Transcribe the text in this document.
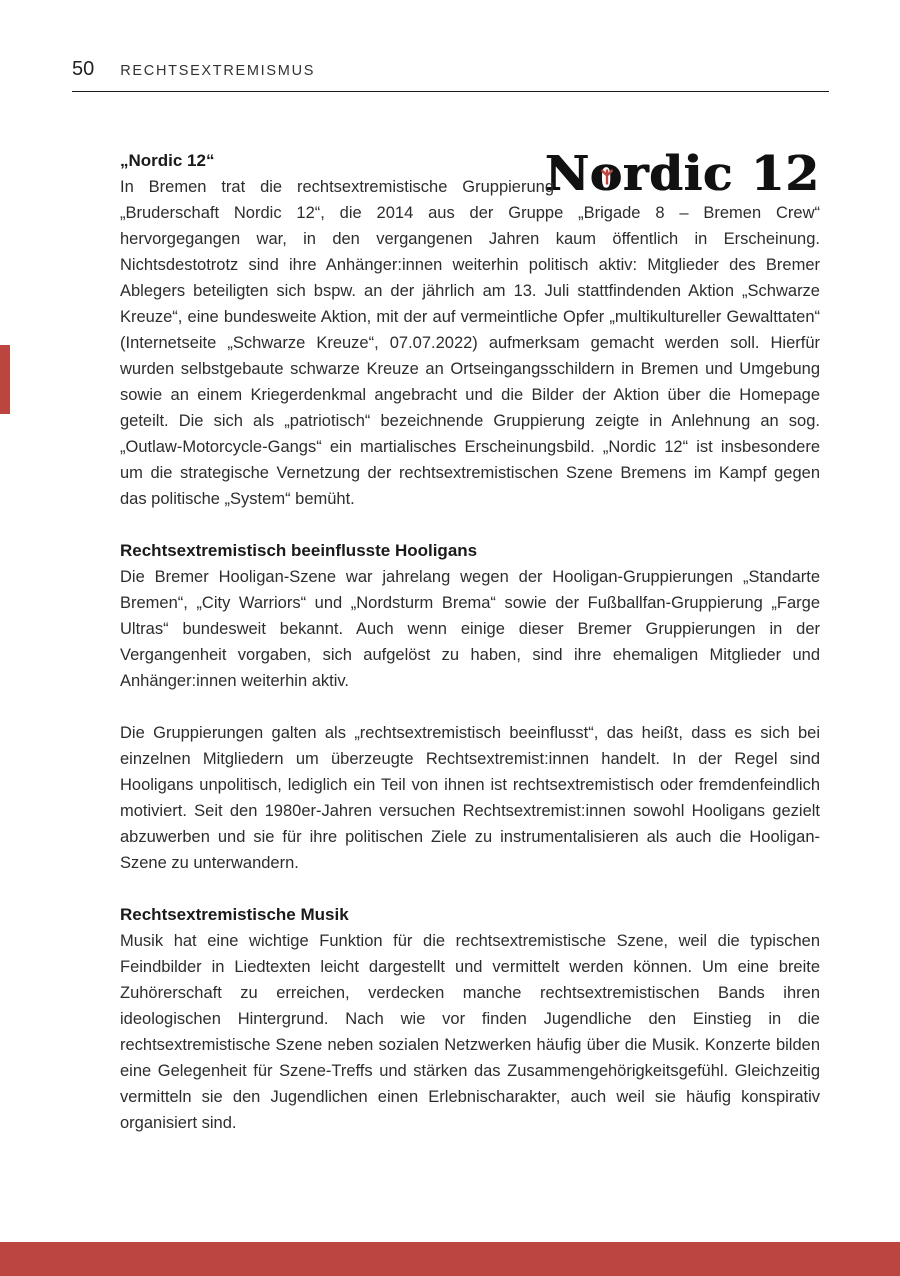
50 RECHTSEXTREMISMUS
No
rdic 12
„Nordic 12“

In Bremen trat die rechtsextremistische Gruppierung „Bruderschaft Nordic 12“, die 2014 aus der Gruppe „Brigade 8 – Bremen Crew“ hervorgegangen war, in den vergangenen Jahren kaum öffentlich in Erscheinung. Nichtsdestotrotz sind ihre Anhänger:innen weiterhin politisch aktiv: Mitglieder des Bremer Ablegers beteiligten sich bspw. an der jährlich am 13. Juli stattfindenden Aktion „Schwarze Kreuze“, eine bundesweite Aktion, mit der auf vermeintliche Opfer „multikultureller Gewalttaten“ (Internetseite „Schwarze Kreuze“, 07.07.2022) aufmerksam gemacht werden soll. Hierfür wurden selbstgebaute schwarze Kreuze an Ortseingangsschildern in Bremen und Umgebung sowie an einem Kriegerdenkmal angebracht und die Bilder der Aktion über die Homepage geteilt. Die sich als „patriotisch“ bezeichnende Gruppierung zeigte in Anlehnung an sog. „Outlaw-Motorcycle-Gangs“ ein martialisches Erscheinungsbild. „Nordic 12“ ist insbesondere um die strategische Vernetzung der rechtsextremistischen Szene Bremens im Kampf gegen das politische „System“ bemüht.

Rechtsextremistisch beeinflusste Hooligans

Die Bremer Hooligan-Szene war jahrelang wegen der Hooligan-Gruppierungen „Standarte Bremen“, „City Warriors“ und „Nordsturm Brema“ sowie der Fußballfan-Gruppierung „Farge Ultras“ bundesweit bekannt. Auch wenn einige dieser Bremer Gruppierungen in der Vergangenheit vorgaben, sich aufgelöst zu haben, sind ihre ehemaligen Mitglieder und Anhänger:innen weiterhin aktiv.

Die Gruppierungen galten als „rechtsextremistisch beeinflusst“, das heißt, dass es sich bei einzelnen Mitgliedern um überzeugte Rechtsextremist:innen handelt. In der Regel sind Hooligans unpolitisch, lediglich ein Teil von ihnen ist rechtsextremistisch oder fremdenfeindlich motiviert. Seit den 1980er-Jahren versuchen Rechtsextremist:innen sowohl Hooligans gezielt abzuwerben und sie für ihre politischen Ziele zu instrumentalisieren als auch die Hooligan-Szene zu unterwandern.

Rechtsextremistische Musik

Musik hat eine wichtige Funktion für die rechtsextremistische Szene, weil die typischen Feindbilder in Liedtexten leicht dargestellt und vermittelt werden können. Um eine breite Zuhörerschaft zu erreichen, verdecken manche rechtsextremistischen Bands ihren ideologischen Hintergrund. Nach wie vor finden Jugendliche den Einstieg in die rechtsextremistische Szene neben sozialen Netzwerken häufig über die Musik. Konzerte bilden eine Gelegenheit für Szene-Treffs und stärken das Zusammengehörigkeitsgefühl. Gleichzeitig vermitteln sie den Jugendlichen einen Erlebnischarakter, auch weil sie häufig konspirativ organisiert sind.
